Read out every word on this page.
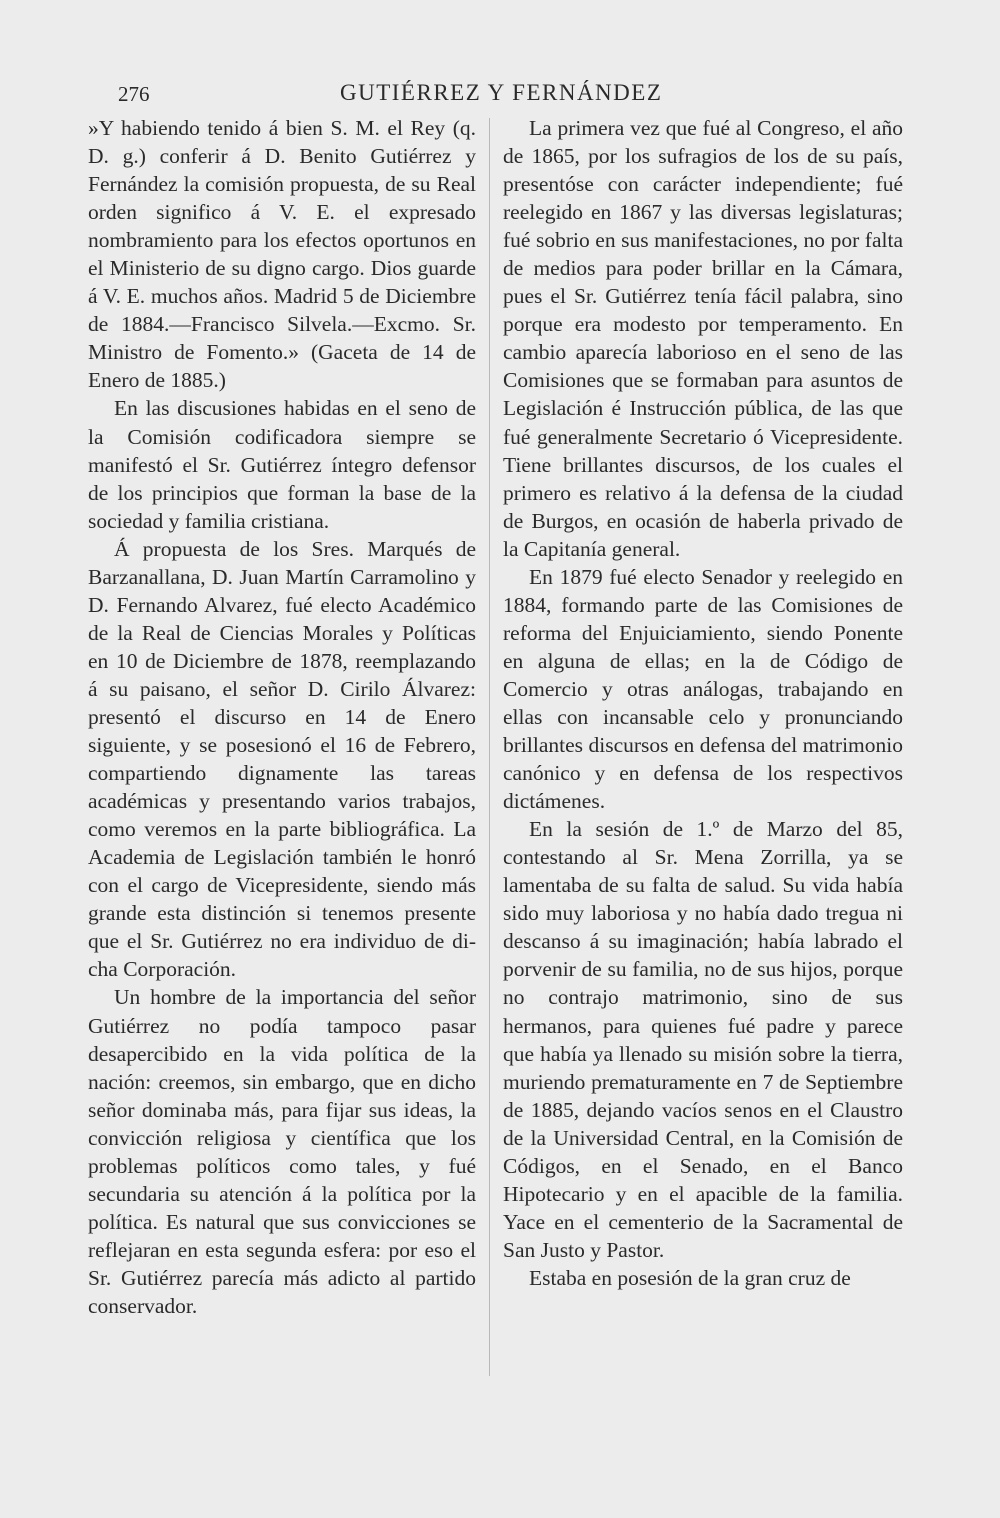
276	GUTIÉRREZ Y FERNÁNDEZ

»Y habiendo tenido á bien S. M. el Rey (q. D. g.) conferir á D. Benito Gutiérrez y Fernández la comisión propuesta, de su Real orden significo á V. E. el expresado nombramiento para los efectos oportunos en el Ministerio de su digno cargo. Dios guarde á V. E. muchos años. Madrid 5 de Diciembre de 1884.—Francisco Silvela.—Excmo. Sr. Ministro de Fomento.» (Gaceta de 14 de Enero de 1885.)

En las discusiones habidas en el seno de la Comisión codificadora siempre se manifestó el Sr. Gutiérrez íntegro defensor de los principios que forman la base de la sociedad y familia cristiana.

Á propuesta de los Sres. Marqués de Barzanallana, D. Juan Martín Carramolino y D. Fernando Alvarez, fué electo Académico de la Real de Ciencias Morales y Políticas en 10 de Diciembre de 1878, reemplazando á su paisano, el señor D. Cirilo Álvarez: presentó el discurso en 14 de Enero siguiente, y se posesionó el 16 de Febrero, compartiendo dignamente las tareas académicas y presentando varios trabajos, como veremos en la parte bibliográfica. La Academia de Legislación también le honró con el cargo de Vicepresidente, siendo más grande esta distinción si tenemos presente que el Sr. Gutiérrez no era individuo de dicha Corporación.

Un hombre de la importancia del señor Gutiérrez no podía tampoco pasar desapercibido en la vida política de la nación: creemos, sin embargo, que en dicho señor dominaba más, para fijar sus ideas, la convicción religiosa y científica que los problemas políticos como tales, y fué secundaria su atención á la política por la política. Es natural que sus convicciones se reflejaran en esta segunda esfera: por eso el Sr. Gutiérrez parecía más adicto al partido conservador.

La primera vez que fué al Congreso, el año de 1865, por los sufragios de los de su país, presentóse con carácter independiente; fué reelegido en 1867 y las diversas legislaturas; fué sobrio en sus manifestaciones, no por falta de medios para poder brillar en la Cámara, pues el Sr. Gutiérrez tenía fácil palabra, sino porque era modesto por temperamento. En cambio aparecía laborioso en el seno de las Comisiones que se formaban para asuntos de Legislación é Instrucción pública, de las que fué generalmente Secretario ó Vicepresidente. Tiene brillantes discursos, de los cuales el primero es relativo á la defensa de la ciudad de Burgos, en ocasión de haberla privado de la Capitanía general.

En 1879 fué electo Senador y reelegido en 1884, formando parte de las Comisiones de reforma del Enjuiciamiento, siendo Ponente en alguna de ellas; en la de Código de Comercio y otras análogas, trabajando en ellas con incansable celo y pronunciando brillantes discursos en defensa del matrimonio canónico y en defensa de los respectivos dictámenes.

En la sesión de 1.º de Marzo del 85, contestando al Sr. Mena Zorrilla, ya se lamentaba de su falta de salud. Su vida había sido muy laboriosa y no había dado tregua ni descanso á su imaginación; había labrado el porvenir de su familia, no de sus hijos, porque no contrajo matrimonio, sino de sus hermanos, para quienes fué padre y parece que había ya llenado su misión sobre la tierra, muriendo prematuramente en 7 de Septiembre de 1885, dejando vacíos senos en el Claustro de la Universidad Central, en la Comisión de Códigos, en el Senado, en el Banco Hipotecario y en el apacible de la familia. Yace en el cementerio de la Sacramental de San Justo y Pastor.

Estaba en posesión de la gran cruz de
